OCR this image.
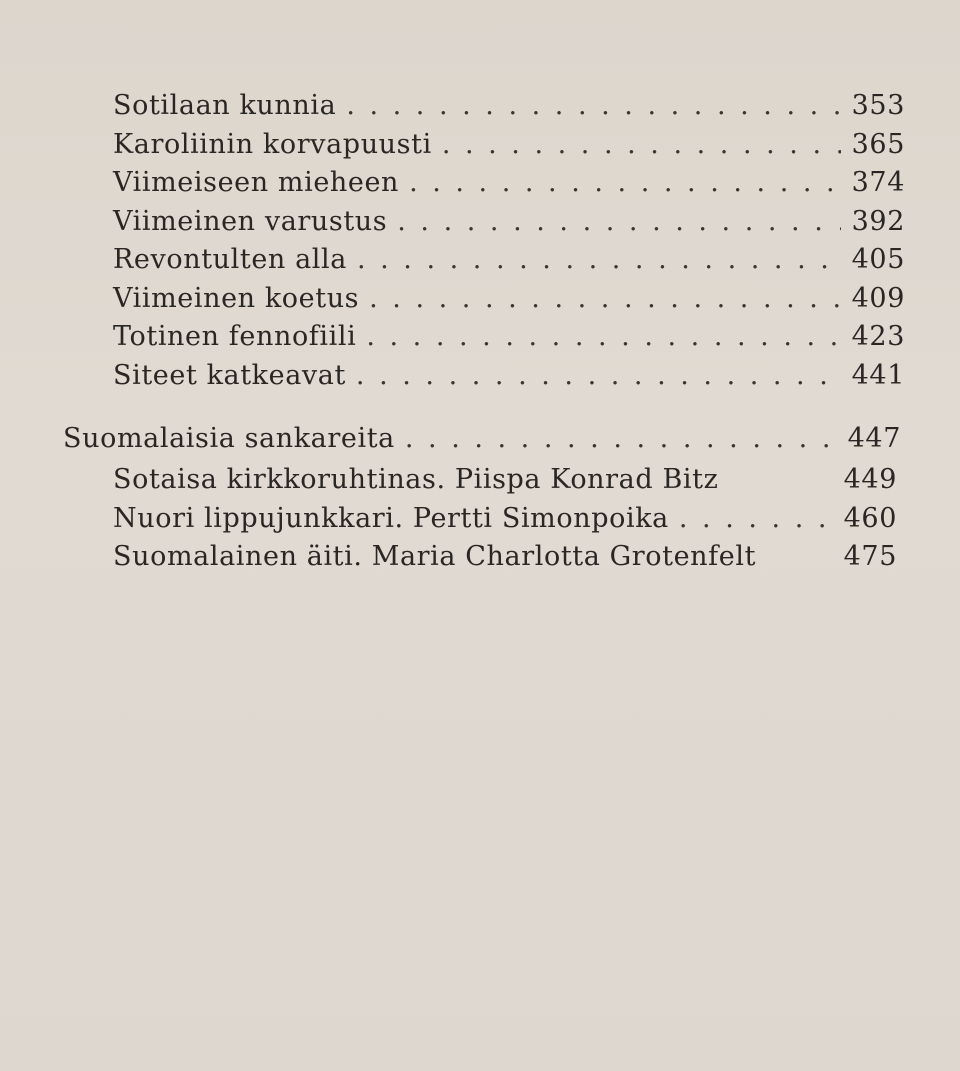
Sotilaan kunnia . . .	353
Karoliinin korvapuusti . . .	365
Viimeiseen mieheen . . .	374
Viimeinen varustus . . .	392
Revontulten alla . . .	405
Viimeinen koetus . . .	409
Totinen fennofiili . . .	423
Siteet katkeavat . . .	441
Suomalaisia sankareita . . .	447
Sotaisa kirkkoruhtinas. Piispa Konrad Bitz	449
Nuori lippujunkkari. Pertti Simonpoika . . .	460
Suomalainen äiti. Maria Charlotta Grotenfelt	475
